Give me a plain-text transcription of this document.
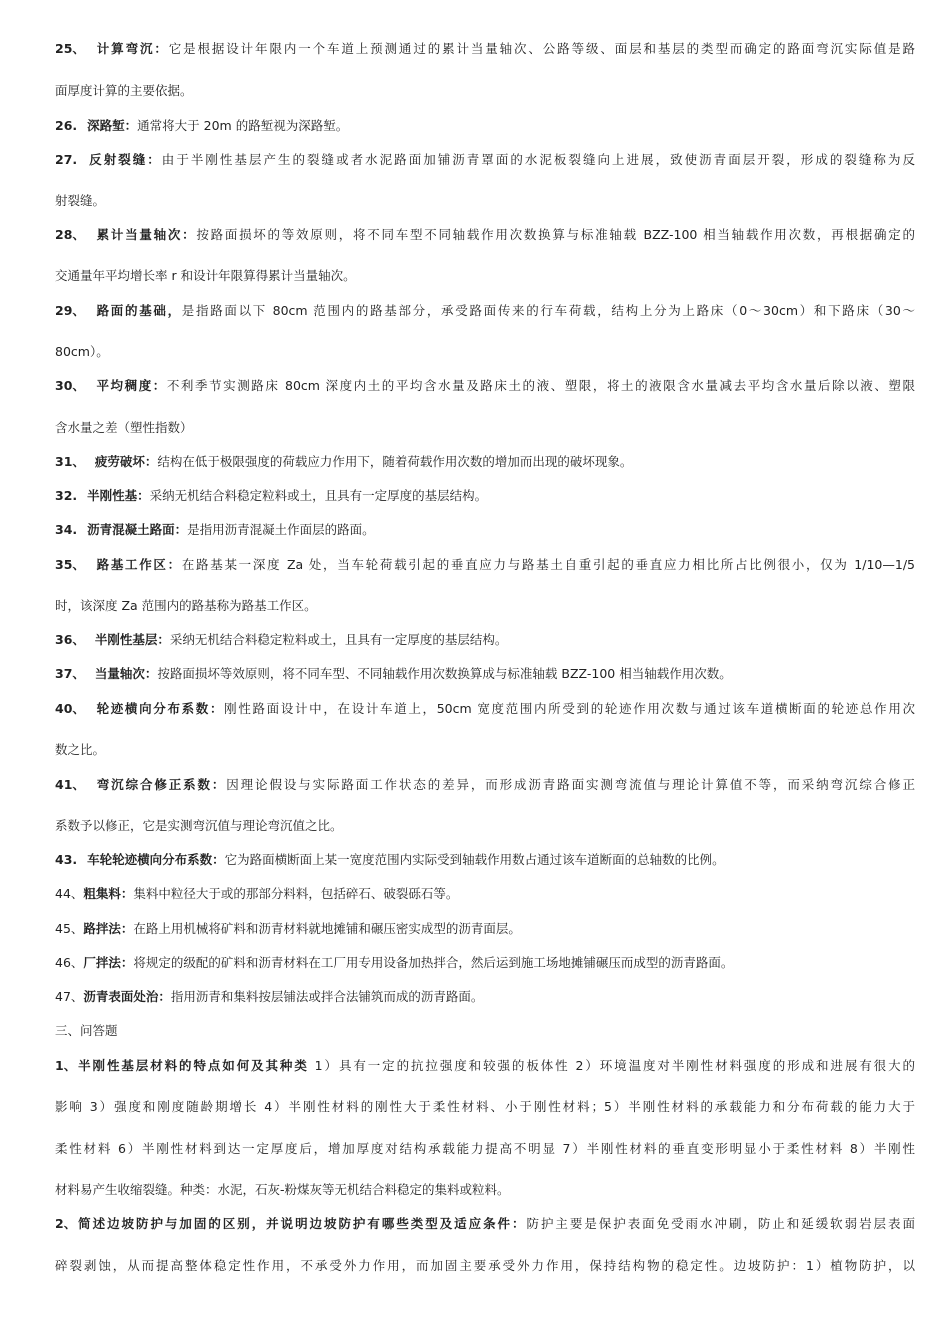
25、 计算弯沉：它是根据设计年限内一个车道上预测通过的累计当量轴次、公路等级、面层和基层的类型而确定的路面弯沉实际值是路
面厚度计算的主要依据。
26. 深路堑：通常将大于 20m 的路堑视为深路堑。
27. 反射裂缝：由于半刚性基层产生的裂缝或者水泥路面加铺沥青罩面的水泥板裂缝向上进展，致使沥青面层开裂，形成的裂缝称为反
射裂缝。
28、 累计当量轴次：按路面损坏的等效原则，将不同车型不同轴载作用次数换算与标准轴载 BZZ-100 相当轴载作用次数，再根据确定的
交通量年平均增长率 r 和设计年限算得累计当量轴次。
29、 路面的基础，是指路面以下 80cm 范围内的路基部分，承受路面传来的行车荷载，结构上分为上路床（0～30cm）和下路床（30～
80cm）。
30、 平均稠度：不利季节实测路床 80cm 深度内土的平均含水量及路床土的液、塑限，将土的液限含水量减去平均含水量后除以液、塑限
含水量之差（塑性指数）
31、 疲劳破坏：结构在低于极限强度的荷载应力作用下，随着荷载作用次数的增加而出现的破坏现象。
32. 半刚性基：采纳无机结合料稳定粒料或土，且具有一定厚度的基层结构。
34. 沥青混凝土路面：是指用沥青混凝土作面层的路面。
35、 路基工作区：在路基某一深度 Za 处，当车轮荷载引起的垂直应力与路基土自重引起的垂直应力相比所占比例很小，仅为 1/10—1/5
时，该深度 Za 范围内的路基称为路基工作区。
36、 半刚性基层：采纳无机结合料稳定粒料或土，且具有一定厚度的基层结构。
37、 当量轴次：按路面损坏等效原则，将不同车型、不同轴载作用次数换算成与标准轴载 BZZ-100 相当轴载作用次数。
40、 轮迹横向分布系数：刚性路面设计中，在设计车道上，50cm 宽度范围内所受到的轮迹作用次数与通过该车道横断面的轮迹总作用次
数之比。
41、 弯沉综合修正系数：因理论假设与实际路面工作状态的差异，而形成沥青路面实测弯流值与理论计算值不等，而采纳弯沉综合修正
系数予以修正，它是实测弯沉值与理论弯沉值之比。
43. 车轮轮迹横向分布系数：它为路面横断面上某一宽度范围内实际受到轴载作用数占通过该车道断面的总轴数的比例。
44、粗集料：集料中粒径大于或的那部分料料，包括碎石、破裂砾石等。
45、路拌法：在路上用机械将矿料和沥青材料就地摊铺和碾压密实成型的沥青面层。
46、厂拌法：将规定的级配的矿料和沥青材料在工厂用专用设备加热拌合，然后运到施工场地摊铺碾压而成型的沥青路面。
47、沥青表面处治：指用沥青和集料按层铺法或拌合法铺筑而成的沥青路面。
三、问答题
1、半刚性基层材料的特点如何及其种类 1）具有一定的抗拉强度和较强的板体性 2）环境温度对半刚性材料强度的形成和进展有很大的
影响 3）强度和刚度随龄期增长 4）半刚性材料的刚性大于柔性材料、小于刚性材料；5）半刚性材料的承载能力和分布荷载的能力大于
柔性材料 6）半刚性材料到达一定厚度后，增加厚度对结构承载能力提高不明显 7）半刚性材料的垂直变形明显小于柔性材料 8）半刚性
材料易产生收缩裂缝。种类：水泥，石灰-粉煤灰等无机结合料稳定的集料或粒料。
2、简述边坡防护与加固的区别，并说明边坡防护有哪些类型及适应条件：防护主要是保护表面免受雨水冲刷，防止和延缓软弱岩层表面
碎裂剥蚀，从而提高整体稳定性作用，不承受外力作用，而加固主要承受外力作用，保持结构物的稳定性。边坡防护：1）植物防护，以
